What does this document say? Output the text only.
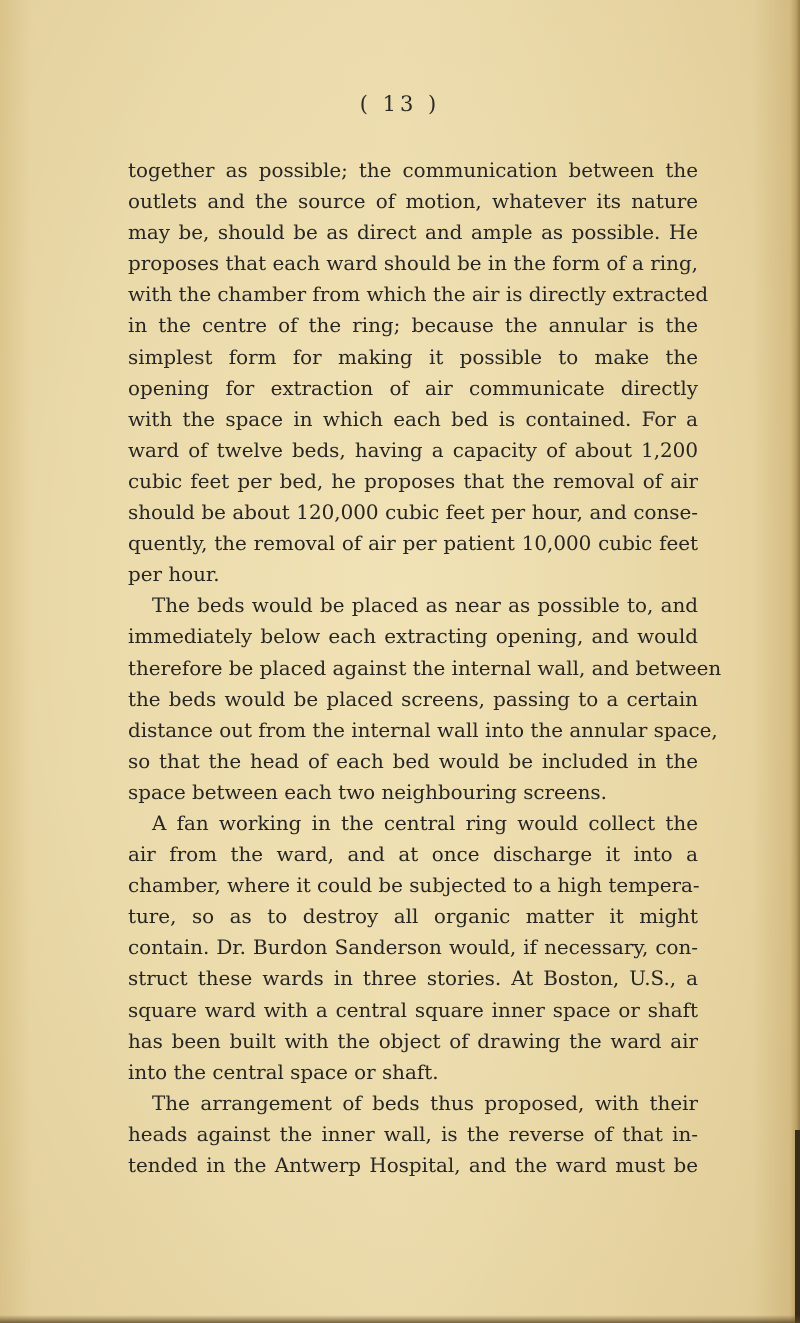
( 13 )
together as possible; the communication between the
outlets and the source of motion, whatever its nature
may be, should be as direct and ample as possible. He
proposes that each ward should be in the form of a ring,
with the chamber from which the air is directly extracted
in the centre of the ring; because the annular is the
simplest form for making it possible to make the
opening for extraction of air communicate directly
with the space in which each bed is contained. For a
ward of twelve beds, having a capacity of about 1,200
cubic feet per bed, he proposes that the removal of air
should be about 120,000 cubic feet per hour, and conse-
quently, the removal of air per patient 10,000 cubic feet
per hour.
The beds would be placed as near as possible to, and
immediately below each extracting opening, and would
therefore be placed against the internal wall, and between
the beds would be placed screens, passing to a certain
distance out from the internal wall into the annular space,
so that the head of each bed would be included in the
space between each two neighbouring screens.
A fan working in the central ring would collect the
air from the ward, and at once discharge it into a
chamber, where it could be subjected to a high tempera-
ture, so as to destroy all organic matter it might
contain. Dr. Burdon Sanderson would, if necessary, con-
struct these wards in three stories. At Boston, U.S., a
square ward with a central square inner space or shaft
has been built with the object of drawing the ward air
into the central space or shaft.
The arrangement of beds thus proposed, with their
heads against the inner wall, is the reverse of that in-
tended in the Antwerp Hospital, and the ward must be
